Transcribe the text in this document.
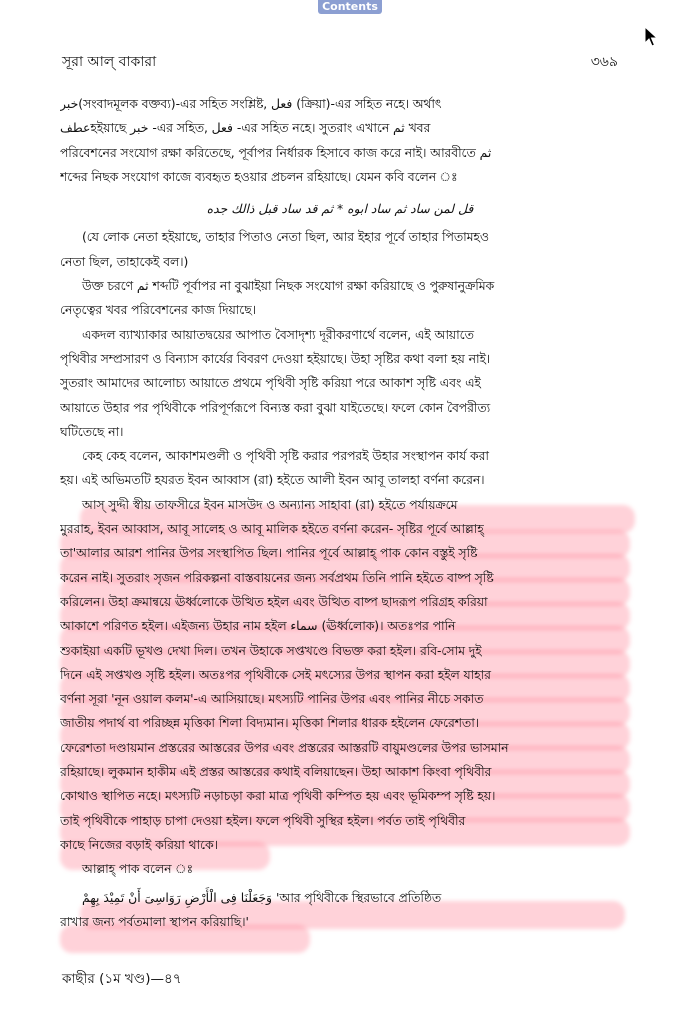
Contents
সূরা আল্ বাকারা	৩৬৯
خبر(সংবাদমূলক বক্তব্য)-এর সহিত সংশ্লিষ্ট, فعل (ক্রিয়া)-এর সহিত নহে। অর্থাৎ
عطفহইয়াছে خبر -এর সহিত, فعل -এর সহিত নহে। সুতরাং এখানে ثم খবর
পরিবেশনের সংযোগ রক্ষা করিতেছে, পূর্বাপর নির্ধারক হিসাবে কাজ করে নাই। আরবীতে ثم
শব্দের নিছক সংযোগ কাজে ব্যবহৃত হওয়ার প্রচলন রহিয়াছে। যেমন কবি বলেন ঃ
قل لمن ساد ثم ساد ابوه * ثم قد ساد قبل ذالك جده
(যে লোক নেতা হইয়াছে, তাহার পিতাও নেতা ছিল, আর ইহার পূর্বে তাহার পিতামহও
নেতা ছিল, তাহাকেই বল।)
উক্ত চরণে ثم শব্দটি পূর্বাপর না বুঝাইয়া নিছক সংযোগ রক্ষা করিয়াছে ও পুরুষানুক্রমিক
নেতৃত্বের খবর পরিবেশনের কাজ দিয়াছে।
একদল ব্যাখ্যাকার আয়াতদ্বয়ের আপাত বৈসাদৃশ্য দূরীকরণার্থে বলেন, এই আয়াতে
পৃথিবীর সম্প্রসারণ ও বিন্যাস কার্যের বিবরণ দেওয়া হইয়াছে। উহা সৃষ্টির কথা বলা হয় নাই।
সুতরাং আমাদের আলোচ্য আয়াতে প্রথমে পৃথিবী সৃষ্টি করিয়া পরে আকাশ সৃষ্টি এবং এই
আয়াতে উহার পর পৃথিবীকে পরিপূর্ণরূপে বিন্যস্ত করা বুঝা যাইতেছে। ফলে কোন বৈপরীত্য
ঘটিতেছে না।
কেহ কেহ বলেন, আকাশমণ্ডলী ও পৃথিবী সৃষ্টি করার পরপরই উহার সংস্থাপন কার্য করা
হয়। এই অভিমতটি হযরত ইবন আব্বাস (রা) হইতে আলী ইবন আবূ তালহা বর্ণনা করেন।
আস্ সুদ্দী স্বীয় তাফসীরে ইবন মাসউদ ও অন্যান্য সাহাবা (রা) হইতে পর্যায়ক্রমে
মুররাহ, ইবন আব্বাস, আবূ সালেহ ও আবূ মালিক হইতে বর্ণনা করেন- সৃষ্টির পূর্বে আল্লাহ্
তা'আলার আরশ পানির উপর সংস্থাপিত ছিল। পানির পূর্বে আল্লাহ্ পাক কোন বস্তুই সৃষ্টি
করেন নাই। সুতরাং সৃজন পরিকল্পনা বাস্তবায়নের জন্য সর্বপ্রথম তিনি পানি হইতে বাষ্প সৃষ্টি
করিলেন। উহা ক্রমান্বয়ে ঊর্ধ্বলোকে উত্থিত হইল এবং উত্থিত বাষ্প ছাদরূপ পরিগ্রহ করিয়া
আকাশে পরিণত হইল। এইজন্য উহার নাম হইল سماء (ঊর্ধ্বলোক)। অতঃপর পানি
শুকাইয়া একটি ভূখণ্ড দেখা দিল। তখন উহাকে সপ্তখণ্ডে বিভক্ত করা হইল। রবি-সোম দুই
দিনে এই সপ্তখণ্ড সৃষ্টি হইল। অতঃপর পৃথিবীকে সেই মৎস্যের উপর স্থাপন করা হইল যাহার
বর্ণনা সূরা 'নূন ওয়াল কলম'-এ আসিয়াছে। মৎস্যটি পানির উপর এবং পানির নীচে সকাত
জাতীয় পদার্থ বা পরিচ্ছন্ন মৃত্তিকা শিলা বিদ্যমান। মৃত্তিকা শিলার ধারক হইলেন ফেরেশতা।
ফেরেশতা দণ্ডায়মান প্রস্তরের আস্তরের উপর এবং প্রস্তরের আস্তরটি বায়ুমণ্ডলের উপর ভাসমান
রহিয়াছে। লুকমান হাকীম এই প্রস্তর আস্তরের কথাই বলিয়াছেন। উহা আকাশ কিংবা পৃথিবীর
কোথাও স্থাপিত নহে। মৎস্যটি নড়াচড়া করা মাত্র পৃথিবী কম্পিত হয় এবং ভূমিকম্প সৃষ্টি হয়।
তাই পৃথিবীকে পাহাড় চাপা দেওয়া হইল। ফলে পৃথিবী সুস্থির হইল। পর্বত তাই পৃথিবীর
কাছে নিজের বড়াই করিয়া থাকে।
আল্লাহ্ পাক বলেন ঃ
وَجَعَلْنَا فِى الْأَرْضِ رَوَاسِىَ أَنْ تَمِيْدَ بِهِمْ 'আর পৃথিবীকে স্থিরভাবে প্রতিষ্ঠিত
রাখার জন্য পর্বতমালা স্থাপন করিয়াছি।'
কাছীর (১ম খণ্ড)—৪৭
